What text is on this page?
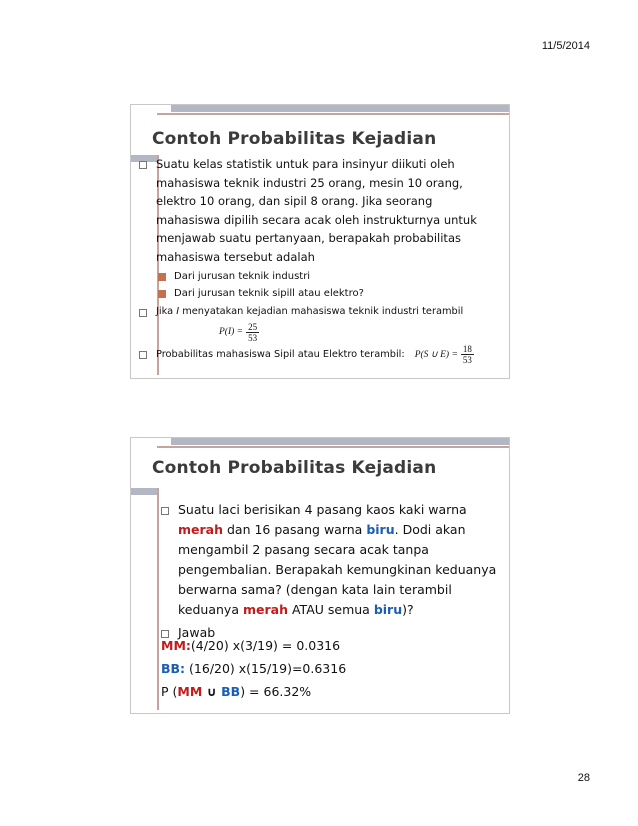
11/5/2014
Contoh Probabilitas Kejadian
Suatu kelas statistik untuk para insinyur diikuti oleh mahasiswa teknik industri 25 orang, mesin 10 orang, elektro 10 orang, dan sipil 8 orang. Jika seorang mahasiswa dipilih secara acak oleh instrukturnya untuk menjawab suatu pertanyaan, berapakah probabilitas mahasiswa tersebut adalah
Dari jurusan teknik industri
Dari jurusan teknik sipill atau elektro?
Jika I menyatakan kejadian mahasiswa teknik industri terambil
$P(I) = \frac{25}{53}$
Probabilitas mahasiswa Sipil atau Elektro terambil: P(S ∪ $E) = \frac{18}{53}$
Contoh Probabilitas Kejadian
Suatu laci berisikan 4 pasang kaos kaki warna merah dan 16 pasang warna biru. Dodi akan mengambil 2 pasang secara acak tanpa pengembalian. Berapakah kemungkinan keduanya berwarna sama? (dengan kata lain terambil keduanya merah ATAU semua biru)?
Jawab
MM:(4/20) x(3/19) = 0.0316
BB: (16/20) x(15/19)=0.6316
P (MM ∪ BB) = 66.32%
28
